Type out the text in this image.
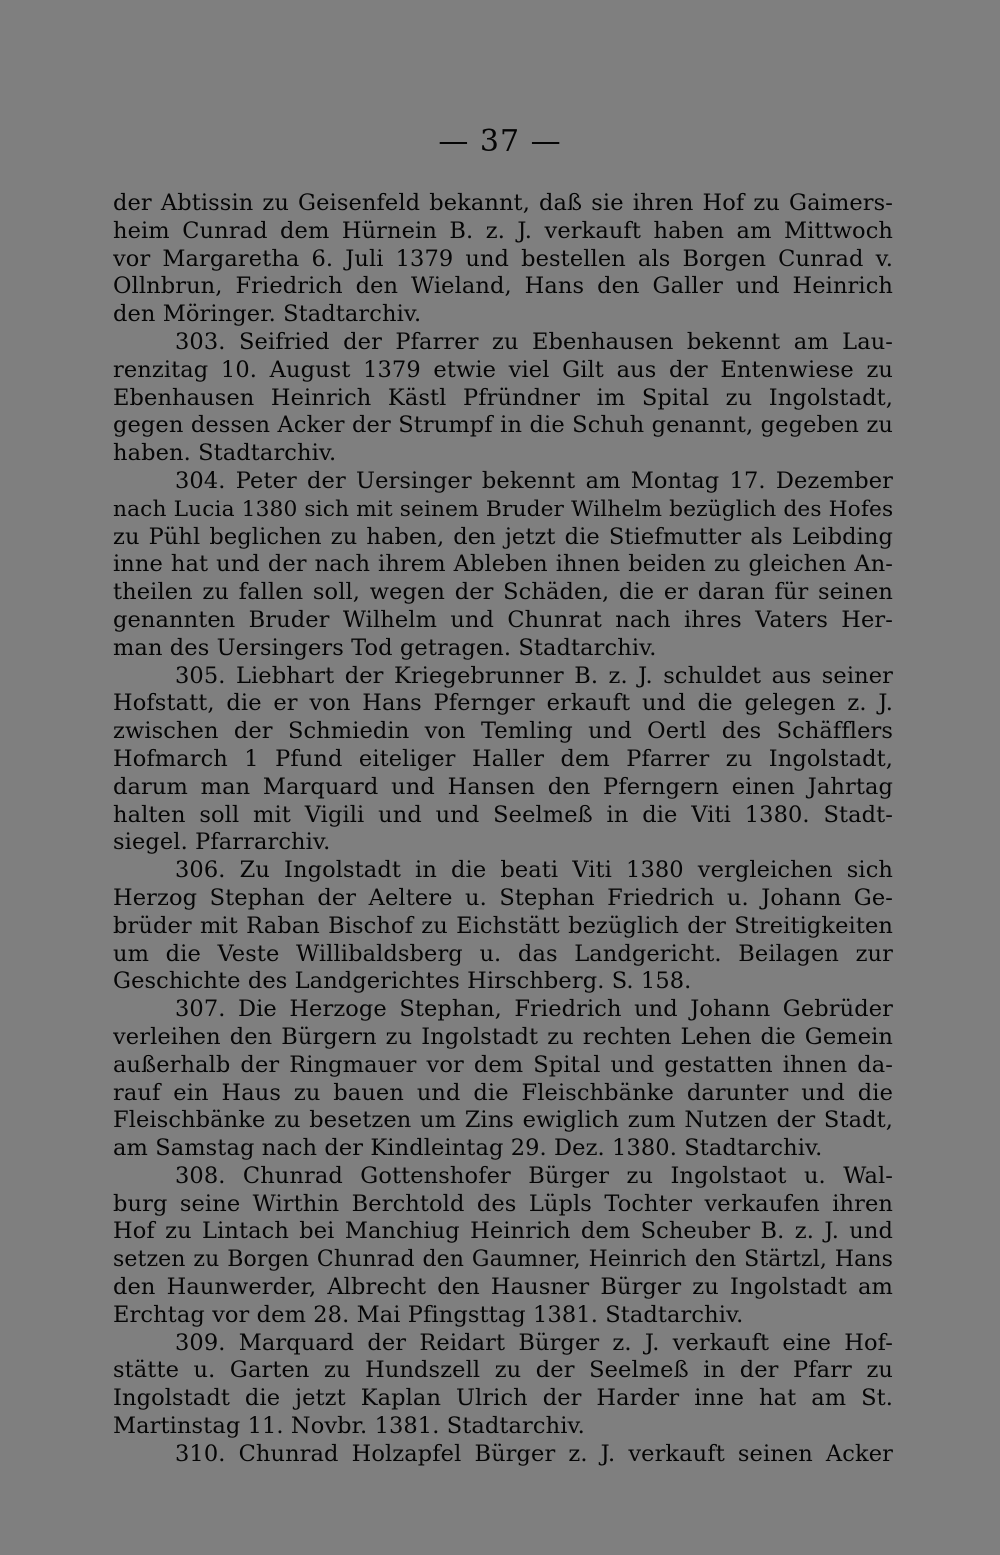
— 37 —
der Abtissin zu Geisenfeld bekannt, daß sie ihren Hof zu Gaimers-
heim Cunrad dem Hürnein B. z. J. verkauft haben am Mittwoch
vor Margaretha 6. Juli 1379 und bestellen als Borgen Cunrad v.
Ollnbrun, Friedrich den Wieland, Hans den Galler und Heinrich
den Möringer. Stadtarchiv.
303. Seifried der Pfarrer zu Ebenhausen bekennt am Lau-
renzitag 10. August 1379 etwie viel Gilt aus der Entenwiese zu
Ebenhausen Heinrich Kästl Pfründner im Spital zu Ingolstadt,
gegen dessen Acker der Strumpf in die Schuh genannt, gegeben zu
haben. Stadtarchiv.
304. Peter der Uersinger bekennt am Montag 17. Dezember
nach Lucia 1380 sich mit seinem Bruder Wilhelm bezüglich des Hofes
zu Pühl beglichen zu haben, den jetzt die Stiefmutter als Leibding
inne hat und der nach ihrem Ableben ihnen beiden zu gleichen An-
theilen zu fallen soll, wegen der Schäden, die er daran für seinen
genannten Bruder Wilhelm und Chunrat nach ihres Vaters Her-
man des Uersingers Tod getragen. Stadtarchiv.
305. Liebhart der Kriegebrunner B. z. J. schuldet aus seiner
Hofstatt, die er von Hans Pfernger erkauft und die gelegen z. J.
zwischen der Schmiedin von Temling und Oertl des Schäfflers
Hofmarch 1 Pfund eiteliger Haller dem Pfarrer zu Ingolstadt,
darum man Marquard und Hansen den Pferngern einen Jahrtag
halten soll mit Vigili und und Seelmeß in die Viti 1380. Stadt-
siegel. Pfarrarchiv.
306. Zu Ingolstadt in die beati Viti 1380 vergleichen sich
Herzog Stephan der Aeltere u. Stephan Friedrich u. Johann Ge-
brüder mit Raban Bischof zu Eichstätt bezüglich der Streitigkeiten
um die Veste Willibaldsberg u. das Landgericht. Beilagen zur
Geschichte des Landgerichtes Hirschberg. S. 158.
307. Die Herzoge Stephan, Friedrich und Johann Gebrüder
verleihen den Bürgern zu Ingolstadt zu rechten Lehen die Gemein
außerhalb der Ringmauer vor dem Spital und gestatten ihnen da-
rauf ein Haus zu bauen und die Fleischbänke darunter und die
Fleischbänke zu besetzen um Zins ewiglich zum Nutzen der Stadt,
am Samstag nach der Kindleintag 29. Dez. 1380. Stadtarchiv.
308. Chunrad Gottenshofer Bürger zu Ingolstaot u. Wal-
burg seine Wirthin Berchtold des Lüpls Tochter verkaufen ihren
Hof zu Lintach bei Manchiug Heinrich dem Scheuber B. z. J. und
setzen zu Borgen Chunrad den Gaumner, Heinrich den Stärtzl, Hans
den Haunwerder, Albrecht den Hausner Bürger zu Ingolstadt am
Erchtag vor dem 28. Mai Pfingsttag 1381. Stadtarchiv.
309. Marquard der Reidart Bürger z. J. verkauft eine Hof-
stätte u. Garten zu Hundszell zu der Seelmeß in der Pfarr zu
Ingolstadt die jetzt Kaplan Ulrich der Harder inne hat am St.
Martinstag 11. Novbr. 1381. Stadtarchiv.
310. Chunrad Holzapfel Bürger z. J. verkauft seinen Acker
